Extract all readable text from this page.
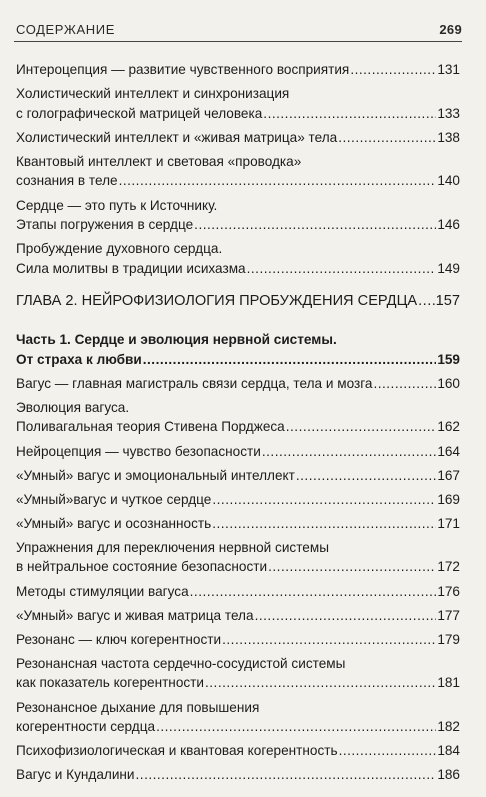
СОДЕРЖАНИЕ	269
Интероцепция — развитие чувственного восприятия .....	131
Холистический интеллект и синхронизация
с голографической матрицей человека .....	133
Холистический интеллект и «живая матрица» тела .....	138
Квантовый интеллект и световая «проводка»
сознания в теле .....	140
Сердце — это путь к Источнику.
Этапы погружения в сердце .....	146
Пробуждение духовного сердца.
Сила молитвы в традиции исихазма .....	149
ГЛАВА 2. НЕЙРОФИЗИОЛОГИЯ ПРОБУЖДЕНИЯ СЕРДЦА ..... 157
Часть 1. Сердце и эволюция нервной системы.
От страха к любви .....	159
Вагус — главная магистраль связи сердца, тела и мозга .....	160
Эволюция вагуса.
Поливагальная теория Стивена Порджеса .....	162
Нейроцепция — чувство безопасности .....	164
«Умный» вагус и эмоциональный интеллект .....	167
«Умный»вагус и чуткое сердце .....	169
«Умный» вагус и осознанность .....	171
Упражнения для переключения нервной системы
в нейтральное состояние безопасности .....	172
Методы стимуляции вагуса .....	176
«Умный» вагус и живая матрица тела .....	177
Резонанс — ключ когерентности .....	179
Резонансная частота сердечно-сосудистой системы
как показатель когерентности .....	181
Резонансное дыхание для повышения
когерентности сердца .....	182
Психофизиологическая и квантовая когерентность .....	184
Вагус и Кундалини .....	186
